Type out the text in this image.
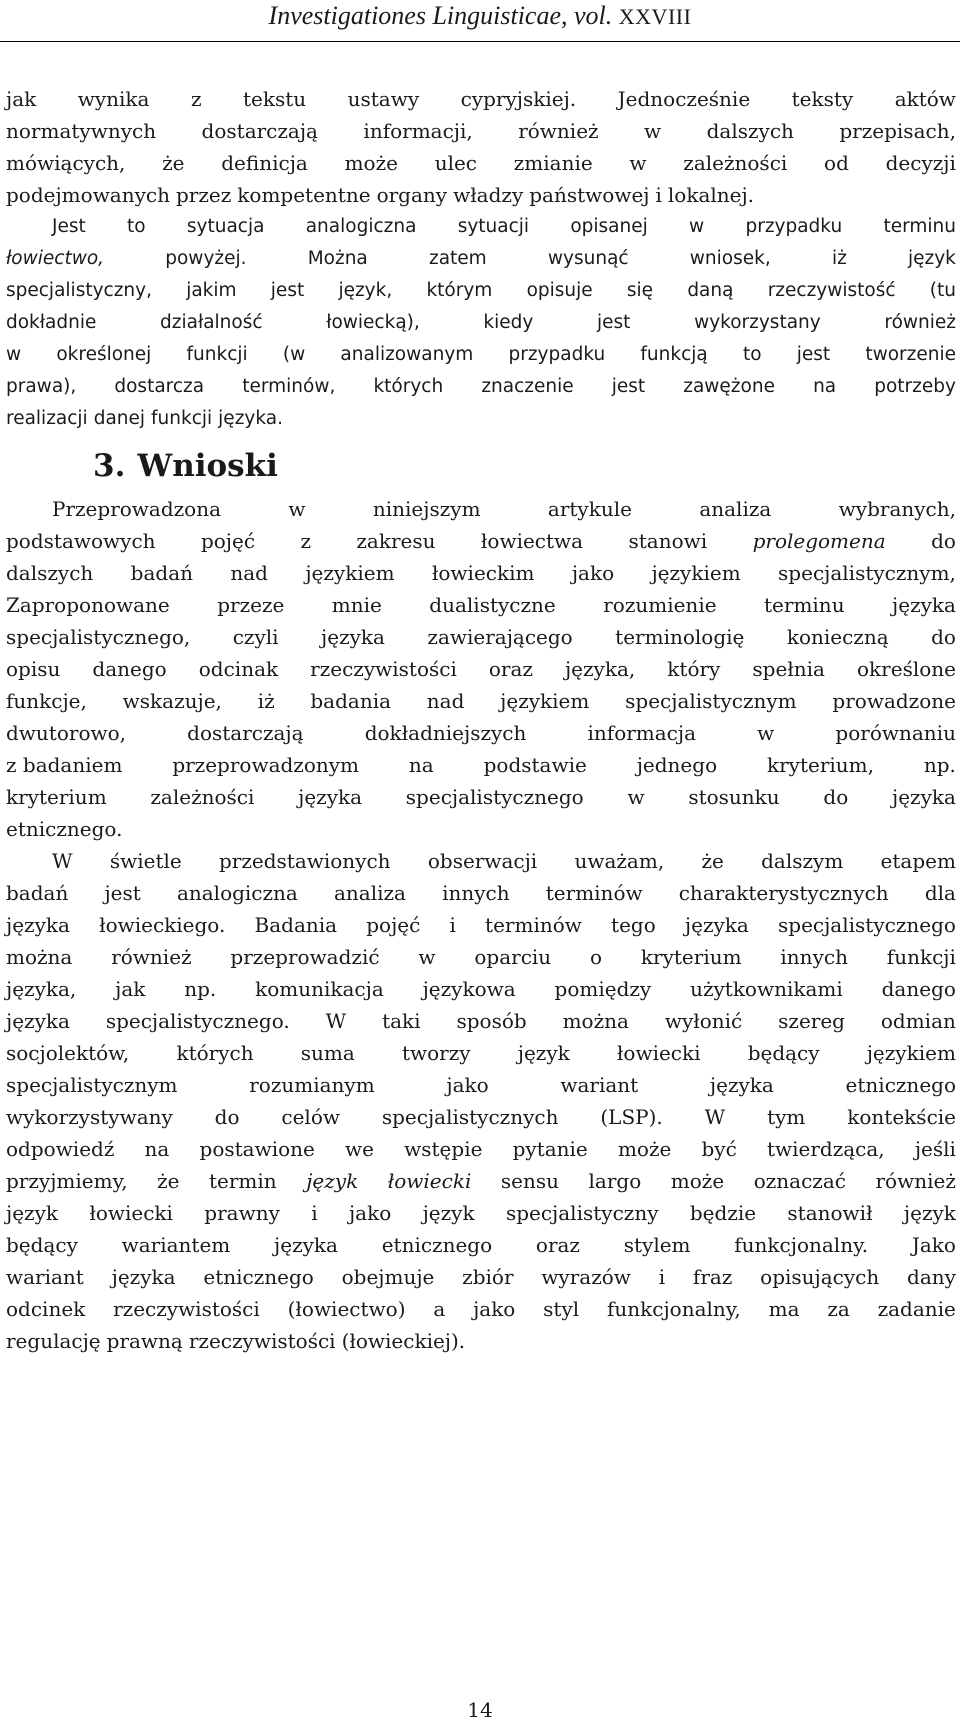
Investigationes Linguisticae, vol. XXVIII
jak wynika z tekstu ustawy cypryjskiej. Jednocześnie teksty aktów
normatywnych dostarczają informacji, również w dalszych przepisach,
mówiących, że definicja może ulec zmianie w zależności od decyzji
podejmowanych przez kompetentne organy władzy państwowej i lokalnej.
Jest to sytuacja analogiczna sytuacji opisanej w przypadku terminu
łowiectwo,	powyżej.	Można	zatem	wysunąć	wniosek,	iż	język
specjalistyczny, jakim jest język, którym opisuje się daną rzeczywistość (tu
dokładnie	działalność	łowiecką),	kiedy	jest	wykorzystany	również
w określonej funkcji (w analizowanym przypadku funkcją to jest tworzenie
prawa), dostarcza terminów, których znaczenie jest zawężone na potrzeby
realizacji danej funkcji języka.
3. Wnioski
Przeprowadzona	w	niniejszym	artykule	analiza	wybranych,
podstawowych pojęć z zakresu łowiectwa stanowi prolegomena do
dalszych badań nad językiem łowieckim jako językiem specjalistycznym,
Zaproponowane przeze mnie dualistyczne rozumienie terminu języka
specjalistycznego, czyli języka zawierającego terminologię konieczną do
opisu danego odcinak rzeczywistości oraz języka, który spełnia określone
funkcje, wskazuje, iż badania nad językiem specjalistycznym prowadzone
dwutorowo,	dostarczają	dokładniejszych	informacja	w	porównaniu
z badaniem przeprowadzonym na podstawie jednego kryterium, np.
kryterium zależności języka specjalistycznego w stosunku do języka
etnicznego.
W świetle przedstawionych obserwacji uważam, że dalszym etapem
badań jest analogiczna analiza innych terminów charakterystycznych dla
języka łowieckiego. Badania pojęć i terminów tego języka specjalistycznego
można również przeprowadzić w oparciu o kryterium innych funkcji
języka, jak np. komunikacja językowa pomiędzy użytkownikami danego
języka specjalistycznego. W taki sposób można wyłonić szereg odmian
socjolektów, których suma tworzy język łowiecki będący językiem
specjalistycznym	rozumianym	jako	wariant	języka	etnicznego
wykorzystywany do celów specjalistycznych (LSP). W tym kontekście
odpowiedź na postawione we wstępie pytanie może być twierdząca, jeśli
przyjmiemy, że termin język łowiecki sensu largo może oznaczać również
język łowiecki prawny i jako język specjalistyczny będzie stanowił język
będący wariantem języka etnicznego oraz stylem funkcjonalny. Jako
wariant języka etnicznego obejmuje zbiór wyrazów i fraz opisujących dany
odcinek rzeczywistości (łowiectwo) a jako styl funkcjonalny, ma za zadanie
regulację prawną rzeczywistości (łowieckiej).
14
